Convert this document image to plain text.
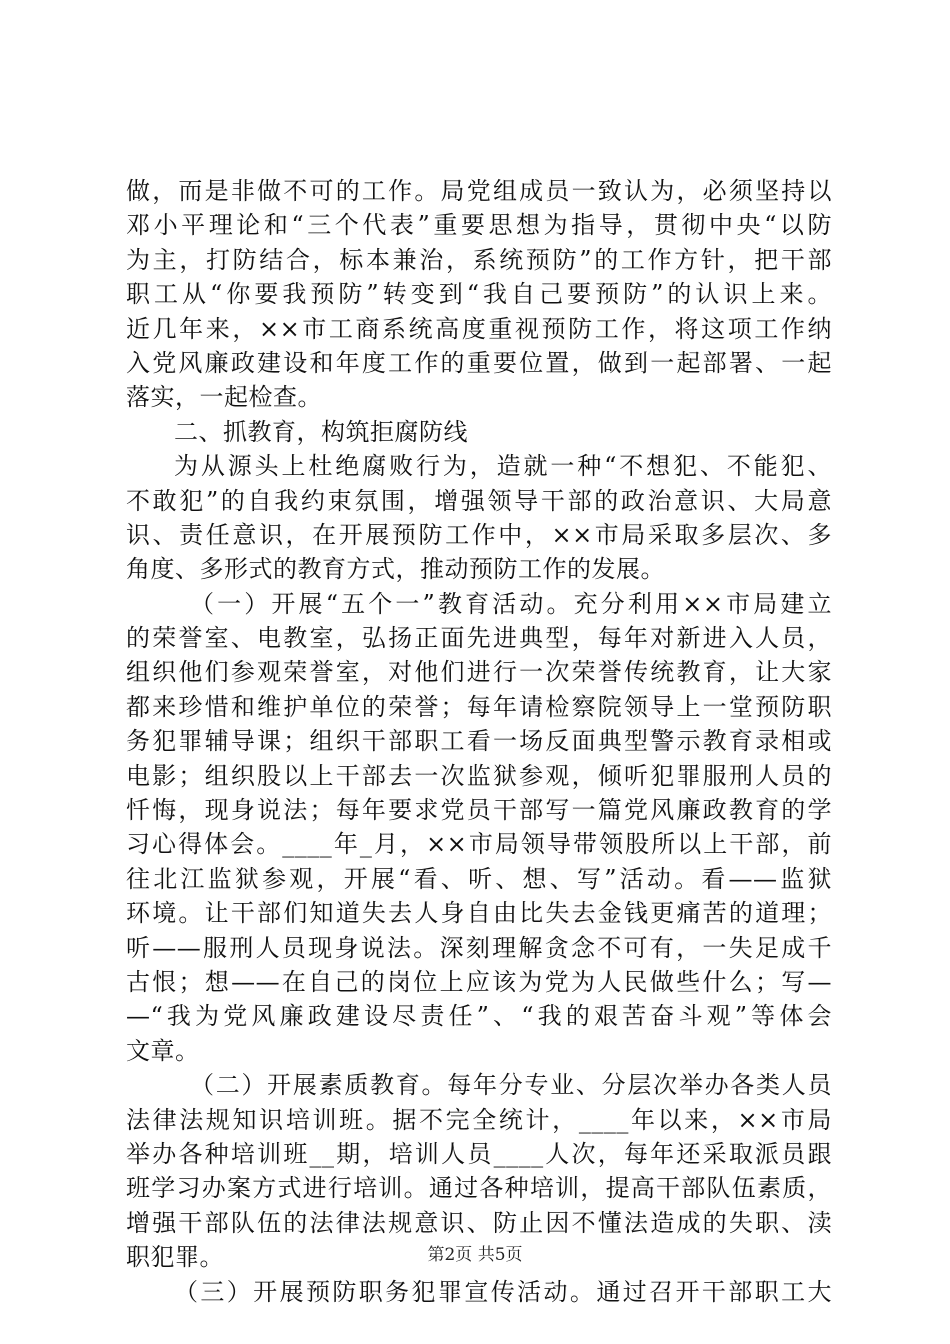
做，而是非做不可的工作。局党组成员一致认为，必须坚持以
邓小平理论和“三个代表”重要思想为指导，贯彻中央“以防
为主，打防结合，标本兼治，系统预防”的工作方针，把干部
职工从“你要我预防”转变到“我自己要预防”的认识上来。
近几年来，××市工商系统高度重视预防工作，将这项工作纳
入党风廉政建设和年度工作的重要位置，做到一起部署、一起
落实，一起检查。
二、抓教育，构筑拒腐防线
为从源头上杜绝腐败行为，造就一种“不想犯、不能犯、
不敢犯”的自我约束氛围，增强领导干部的政治意识、大局意
识、责任意识，在开展预防工作中，××市局采取多层次、多
角度、多形式的教育方式，推动预防工作的发展。
（一）开展“五个一”教育活动。充分利用××市局建立
的荣誉室、电教室，弘扬正面先进典型，每年对新进入人员，
组织他们参观荣誉室，对他们进行一次荣誉传统教育，让大家
都来珍惜和维护单位的荣誉；每年请检察院领导上一堂预防职
务犯罪辅导课；组织干部职工看一场反面典型警示教育录相或
电影；组织股以上干部去一次监狱参观，倾听犯罪服刑人员的
忏悔，现身说法；每年要求党员干部写一篇党风廉政教育的学
习心得体会。____年_月，××市局领导带领股所以上干部，前
往北江监狱参观，开展“看、听、想、写”活动。看——监狱
环境。让干部们知道失去人身自由比失去金钱更痛苦的道理；
听——服刑人员现身说法。深刻理解贪念不可有，一失足成千
古恨；想——在自己的岗位上应该为党为人民做些什么；写—
—“我为党风廉政建设尽责任”、“我的艰苦奋斗观”等体会
文章。
（二）开展素质教育。每年分专业、分层次举办各类人员
法律法规知识培训班。据不完全统计，____年以来，××市局
举办各种培训班__期，培训人员____人次，每年还采取派员跟
班学习办案方式进行培训。通过各种培训，提高干部队伍素质，
增强干部队伍的法律法规意识、防止因不懂法造成的失职、渎
职犯罪。
（三）开展预防职务犯罪宣传活动。通过召开干部职工大
第2页 共5页
